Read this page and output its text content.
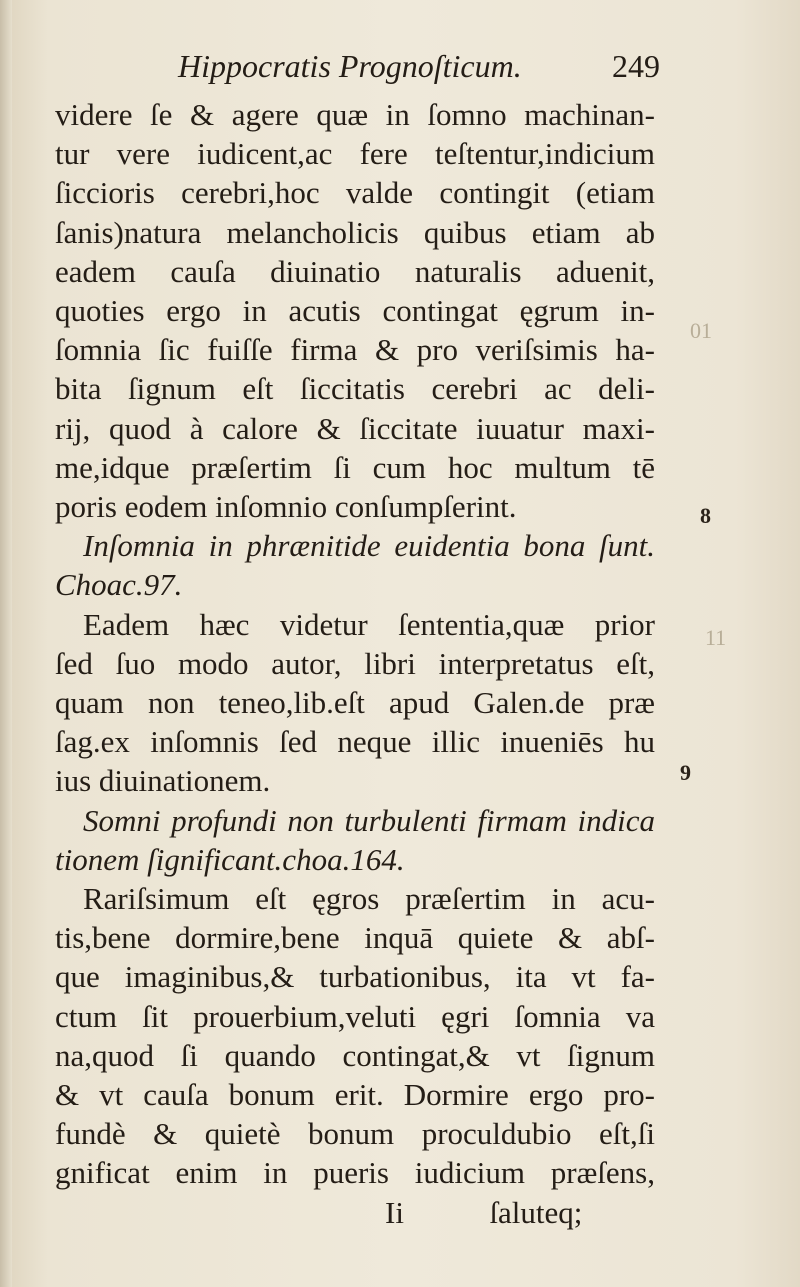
Hippocratis Prognoſticum.	249
videre ſe & agere quæ in ſomno machinan-
tur vere iudicent,ac fere teſtentur,indicium
ſiccioris cerebri,hoc valde contingit (etiam
ſanis)natura melancholicis quibus etiam ab
eadem cauſa diuinatio naturalis aduenit,
quoties ergo in acutis contingat ęgrum in-
ſomnia ſic fuiſſe firma & pro veriſsimis ha-
bita ſignum eſt ſiccitatis cerebri ac deli-
rij, quod à calore & ſiccitate iuuatur maxi-
me,idque præſertim ſi cum hoc multum tē
poris eodem inſomnio conſumpſerint.
Inſomnia in phrænitide euidentia bona ſunt.
Choac.97.
Eadem hæc videtur ſententia,quæ prior
ſed ſuo modo autor, libri interpretatus eſt,
quam non teneo,lib.eſt apud Galen.de præ
ſag.ex inſomnis ſed neque illic inueniēs hu
ius diuinationem.
Somni profundi non turbulenti firmam indica
tionem ſignificant.choa.164.
Rariſsimum eſt ęgros præſertim in acu-
tis,bene dormire,bene inquā quiete & abſ-
que imaginibus,& turbationibus, ita vt fa-
ctum ſit prouerbium,veluti ęgri ſomnia va
na,quod ſi quando contingat,& vt ſignum
& vt cauſa bonum erit. Dormire ergo pro-
fundè & quietè bonum proculdubio eſt,ſi
gnificat enim in pueris iudicium præſens,
Ii	ſaluteq;
01
8
11
9
